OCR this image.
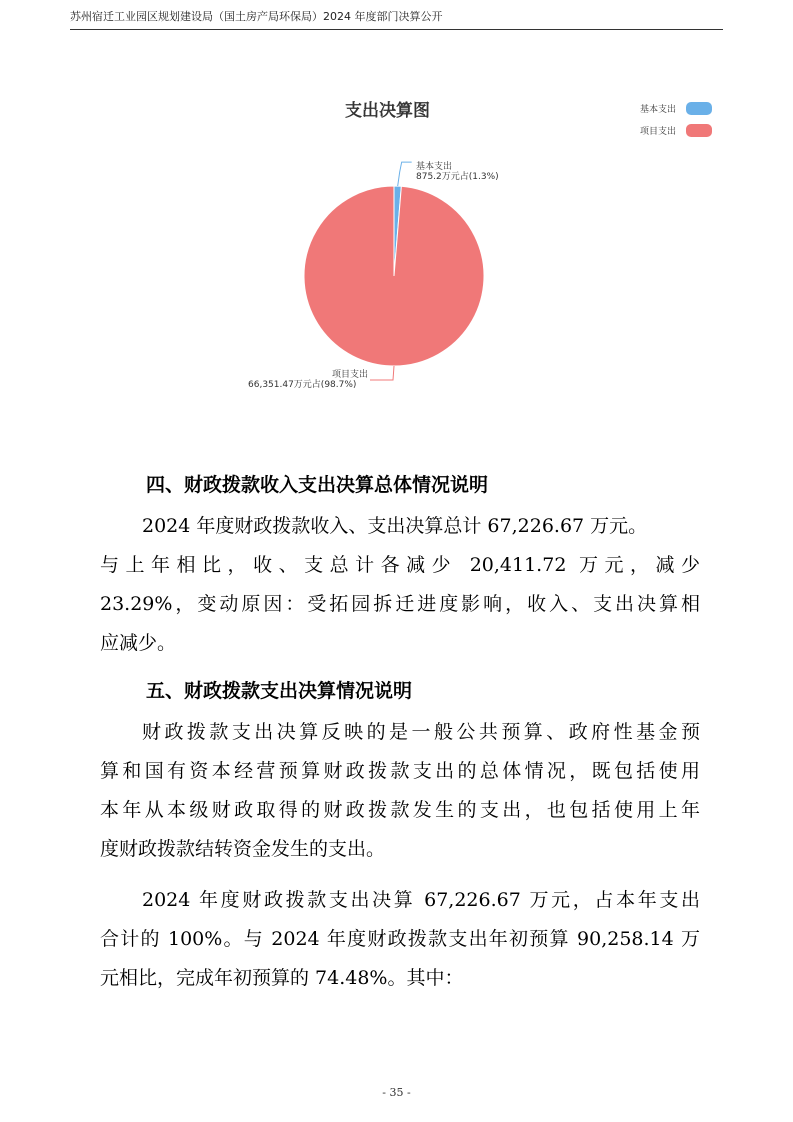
苏州宿迁工业园区规划建设局（国土房产局环保局）2024 年度部门决算公开
支出决算图	基本支出
项目支出
基本支出
875.2万元占(1.3%)
项目支出
66,351.47万元占(98.7%)
四、财政拨款收入支出决算总体情况说明
2024 年度财政拨款收入、支出决算总计 67,226.67 万元。
与上年相比，收、支总计各减少 20,411.72 万元，减少
23.29%，变动原因：受拓园拆迁进度影响，收入、支出决算相
应减少。
五、财政拨款支出决算情况说明
财政拨款支出决算反映的是一般公共预算、政府性基金预
算和国有资本经营预算财政拨款支出的总体情况，既包括使用
本年从本级财政取得的财政拨款发生的支出，也包括使用上年
度财政拨款结转资金发生的支出。
2024 年度财政拨款支出决算 67,226.67 万元，占本年支出
合计的 100%。与 2024 年度财政拨款支出年初预算 90,258.14 万
元相比，完成年初预算的 74.48%。其中：
- 35 -
